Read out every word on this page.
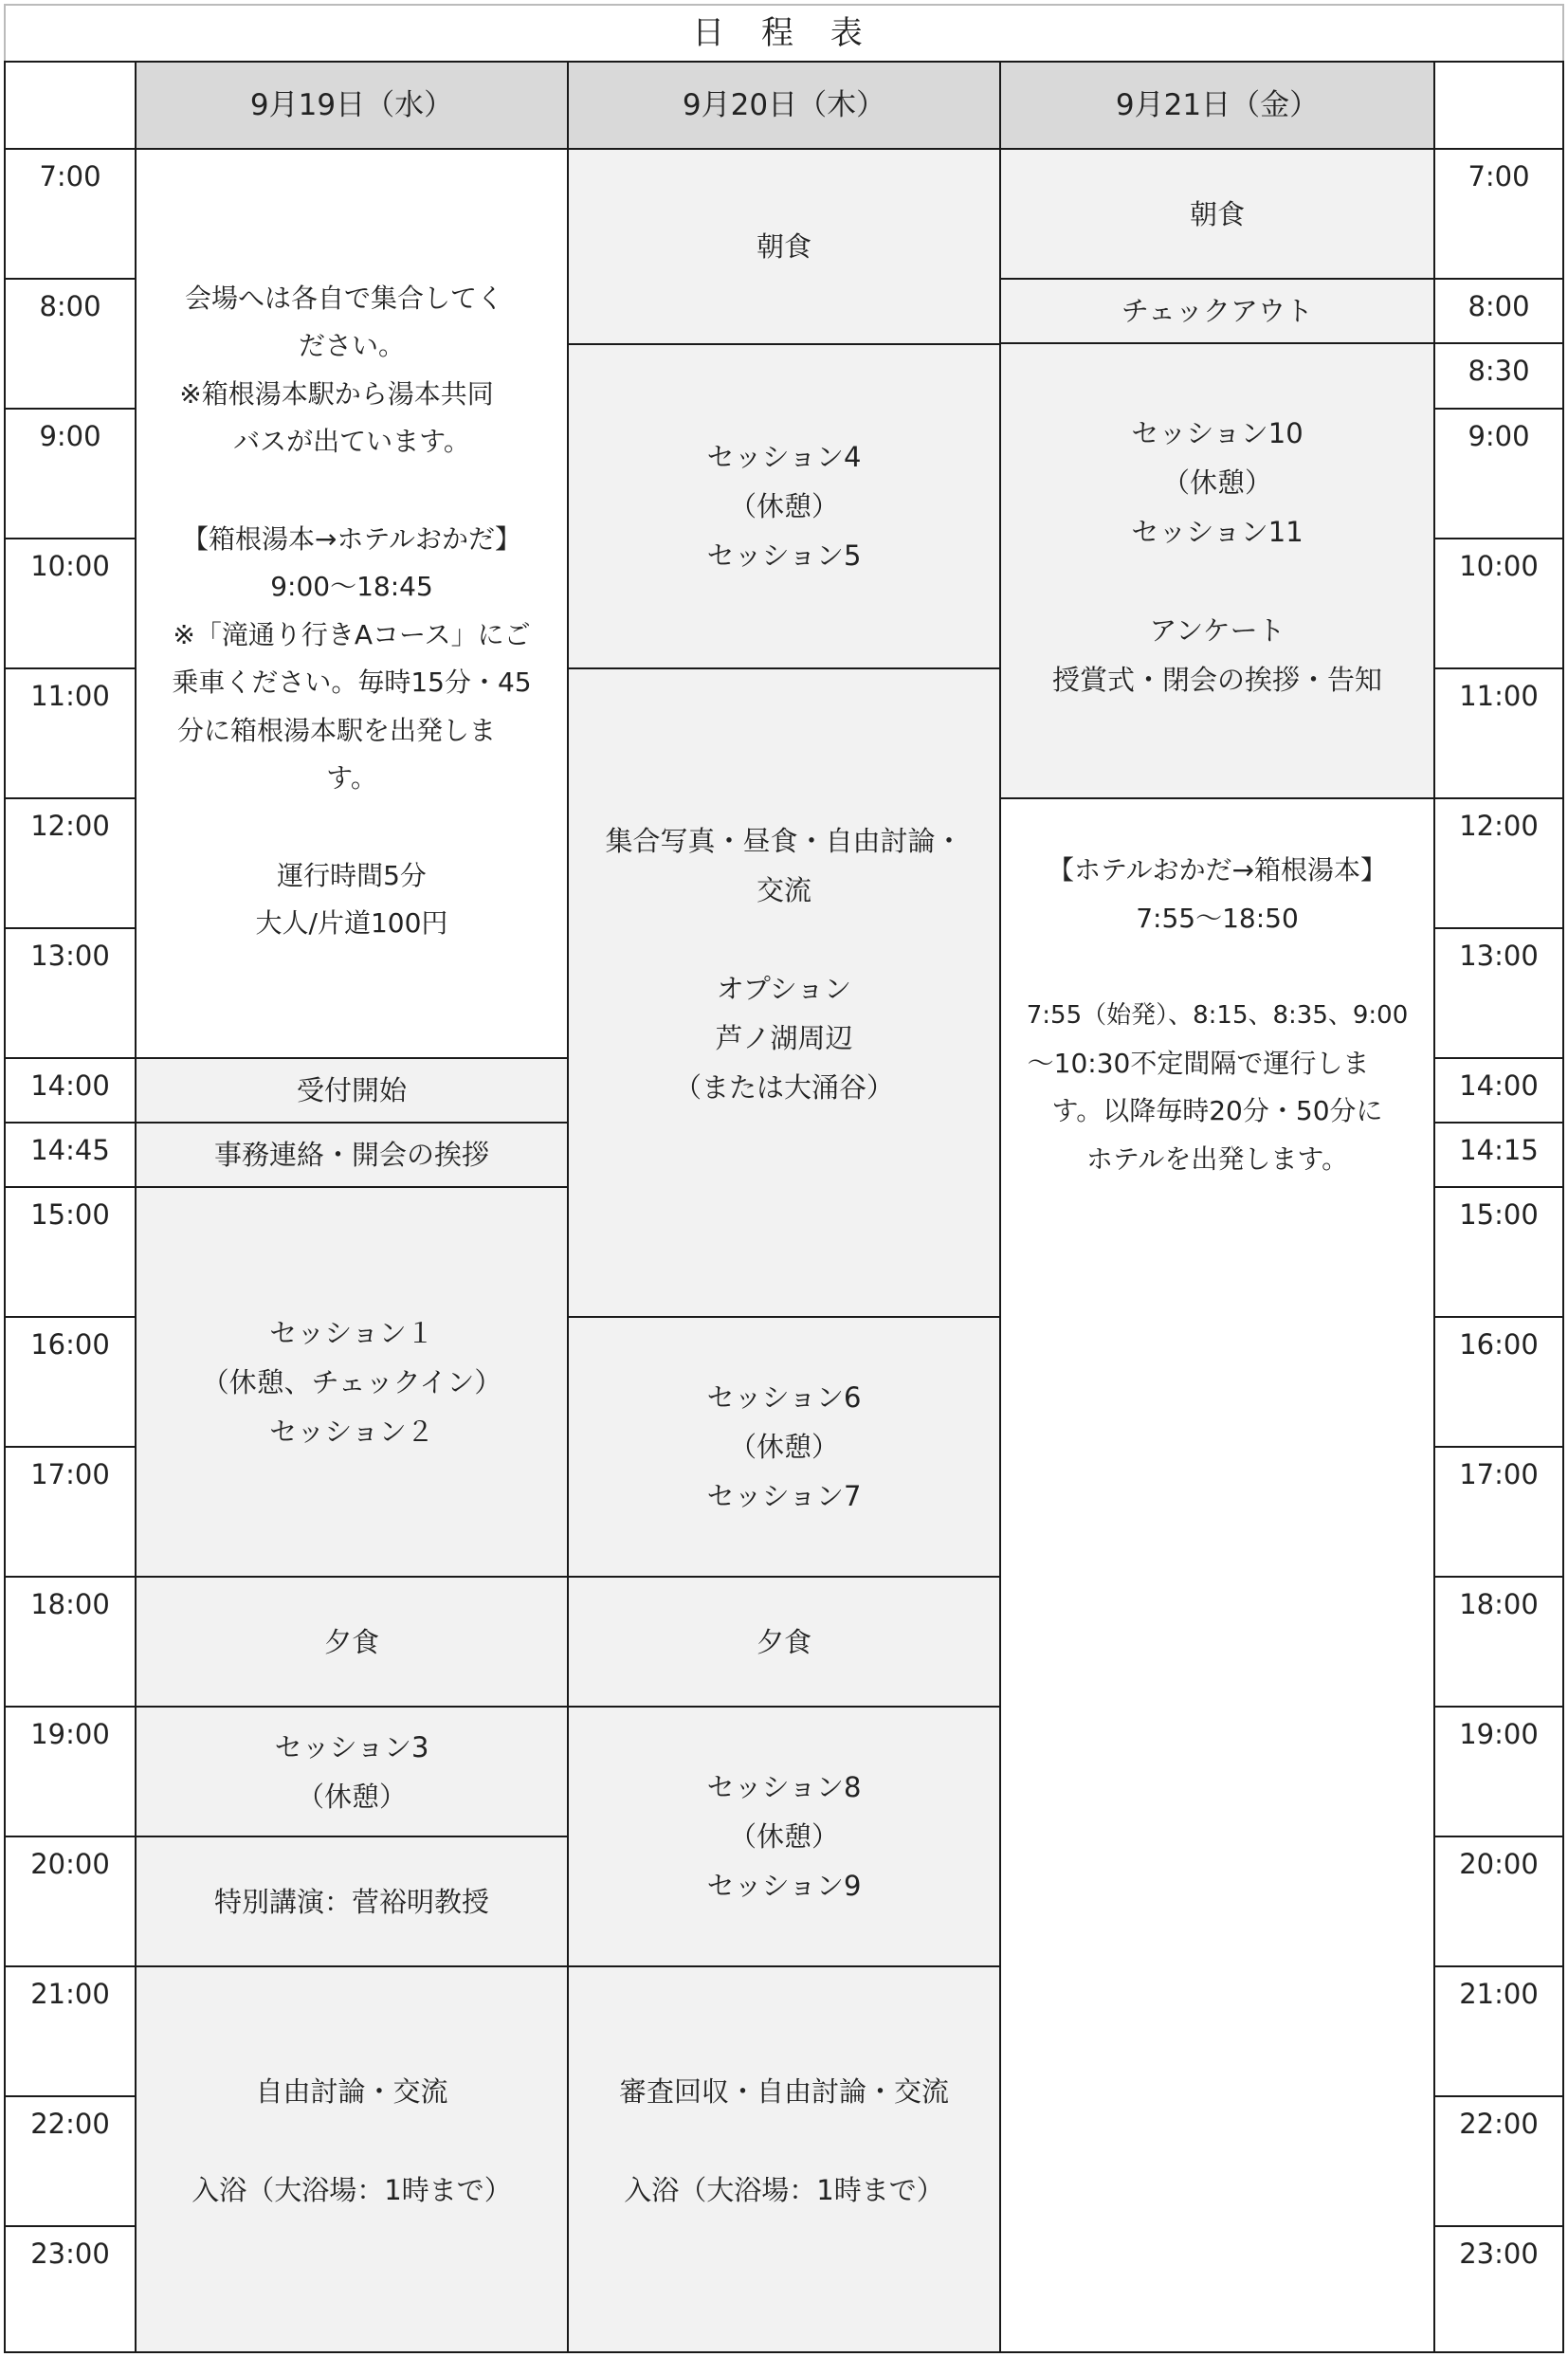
日 程 表
9月19日（水）	9月20日（木）	9月21日（金）
7:00
8:00
9:00
10:00
11:00
12:00
13:00
14:00
14:45
15:00
16:00
17:00
18:00
19:00
20:00
21:00
22:00
23:00
7:00
8:00
8:30
9:00
10:00
11:00
12:00
13:00
14:00
14:15
15:00
16:00
17:00
18:00
19:00
20:00
21:00
22:00
23:00
会場へは各自で集合してく
ださい。
※箱根湯本駅から湯本共同
バスが出ています。
【箱根湯本→ホテルおかだ】
9:00〜18:45
※「滝通り行きAコース」にご
乗車ください。毎時15分・45
分に箱根湯本駅を出発しま
す。
運行時間5分
大人/片道100円
受付開始
事務連絡・開会の挨拶
セッション１
（休憩、チェックイン）
セッション２
夕食
セッション3
（休憩）
特別講演：菅裕明教授
自由討論・交流
入浴（大浴場：1時まで）
朝食
セッション4
（休憩）
セッション5
集合写真・昼食・自由討論・
交流
オプション
芦ノ湖周辺
（または大涌谷）
セッション6
（休憩）
セッション7
夕食
セッション8
（休憩）
セッション9
審査回収・自由討論・交流
入浴（大浴場：1時まで）
朝食
チェックアウト
セッション10
（休憩）
セッション11
アンケート
授賞式・閉会の挨拶・告知
【ホテルおかだ→箱根湯本】
7:55〜18:50
7:55（始発）、8:15、8:35、9:00
〜10:30不定間隔で運行しま
す。以降毎時20分・50分に
ホテルを出発します。
